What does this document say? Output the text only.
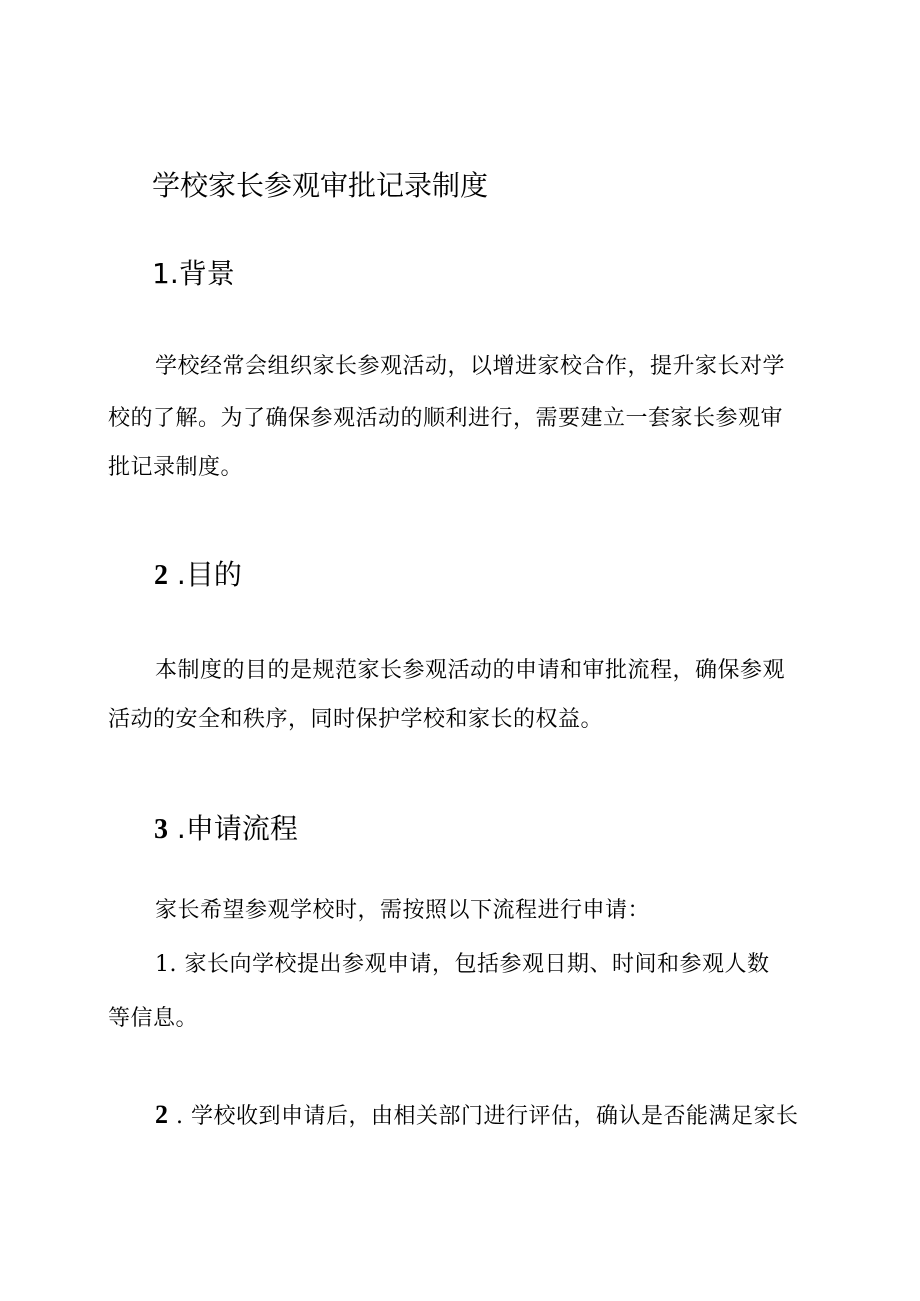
学校家长参观审批记录制度
1.背景
学校经常会组织家长参观活动，以增进家校合作，提升家长对学
校的了解。为了确保参观活动的顺利进行，需要建立一套家长参观审
批记录制度。
2 .目的
本制度的目的是规范家长参观活动的申请和审批流程，确保参观
活动的安全和秩序，同时保护学校和家长的权益。
3 .申请流程
家长希望参观学校时，需按照以下流程进行申请：
1. 家长向学校提出参观申请，包括参观日期、时间和参观人数
等信息。
2 . 学校收到申请后，由相关部门进行评估，确认是否能满足家长
